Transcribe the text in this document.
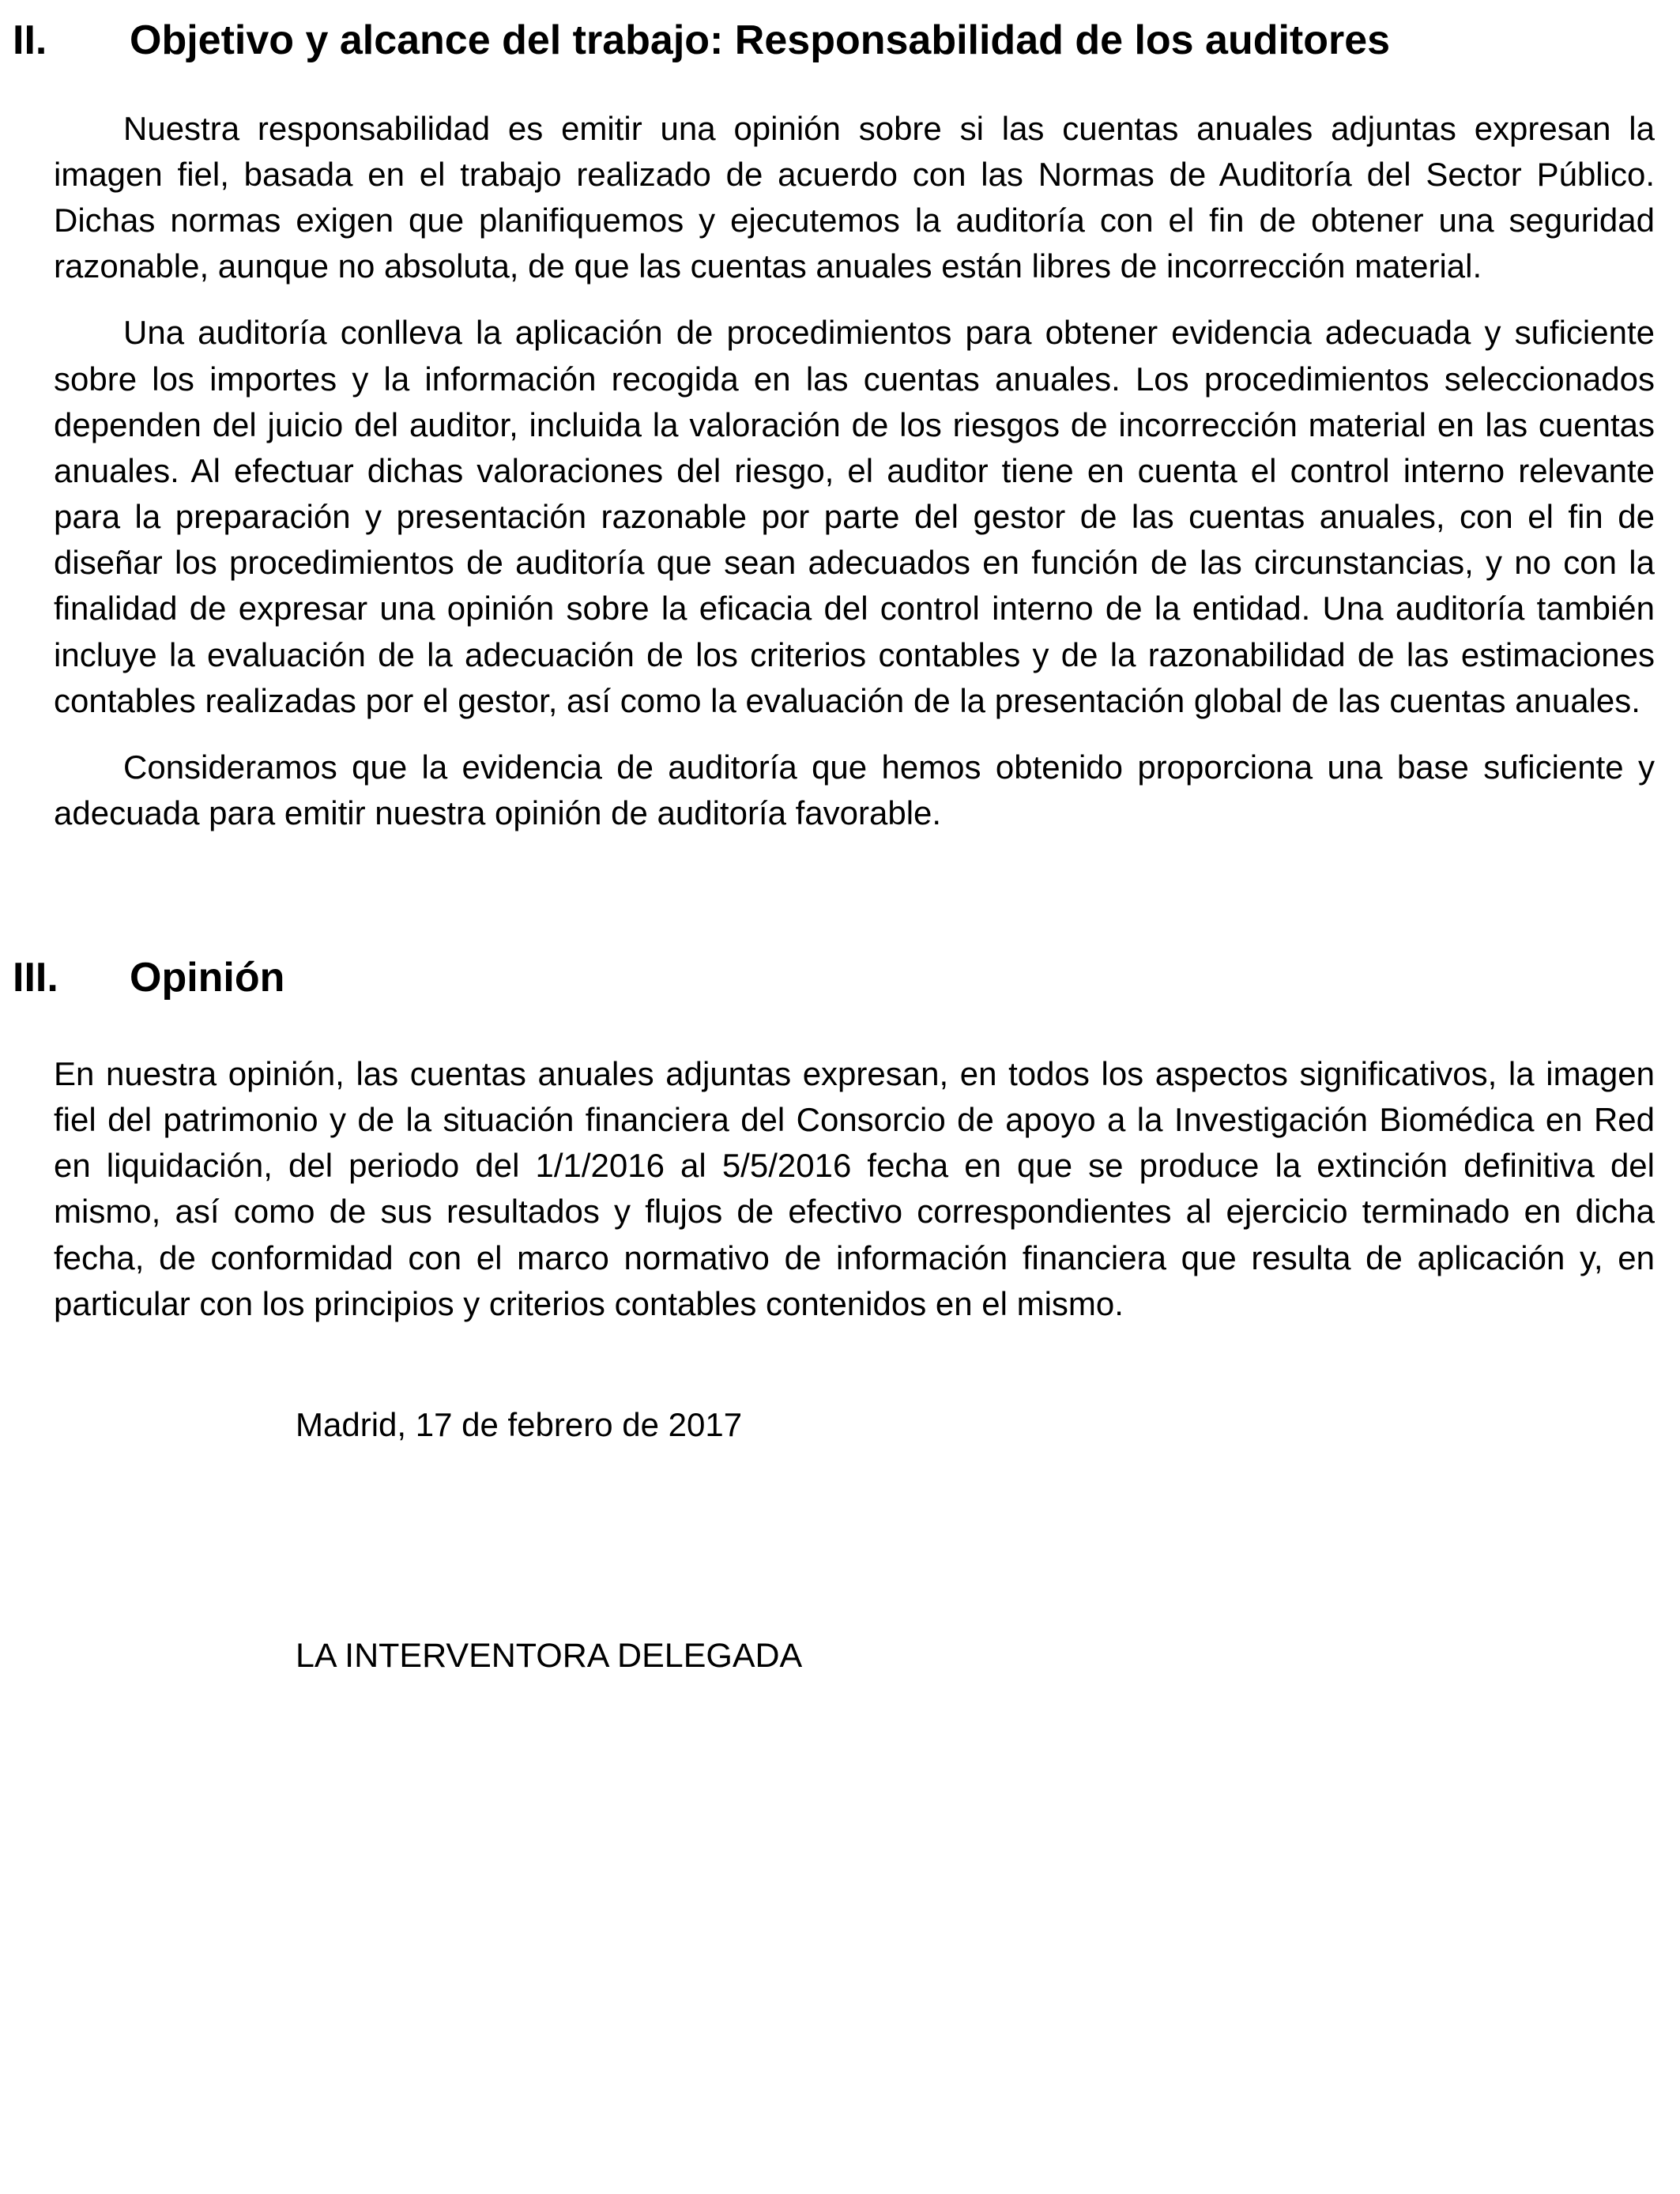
II.	Objetivo y alcance del trabajo: Responsabilidad de los auditores

Nuestra responsabilidad es emitir una opinión sobre si las cuentas anuales adjuntas expresan la imagen fiel, basada en el trabajo realizado de acuerdo con las Normas de Auditoría del Sector Público. Dichas normas exigen que planifiquemos y ejecutemos la auditoría con el fin de obtener una seguridad razonable, aunque no absoluta, de que las cuentas anuales están libres de incorrección material.

Una auditoría conlleva la aplicación de procedimientos para obtener evidencia adecuada y suficiente sobre los importes y la información recogida en las cuentas anuales. Los procedimientos seleccionados dependen del juicio del auditor, incluida la valoración de los riesgos de incorrección material en las cuentas anuales. Al efectuar dichas valoraciones del riesgo, el auditor tiene en cuenta el control interno relevante para la preparación y presentación razonable por parte del gestor de las cuentas anuales, con el fin de diseñar los procedimientos de auditoría que sean adecuados en función de las circunstancias, y no con la finalidad de expresar una opinión sobre la eficacia del control interno de la entidad. Una auditoría también incluye la evaluación de la adecuación de los criterios contables y de la razonabilidad de las estimaciones contables realizadas por el gestor, así como la evaluación de la presentación global de las cuentas anuales.

Consideramos que la evidencia de auditoría que hemos obtenido proporciona una base suficiente y adecuada para emitir nuestra opinión de auditoría favorable.

III.	Opinión

En nuestra opinión, las cuentas anuales adjuntas expresan, en todos los aspectos significativos, la imagen fiel del patrimonio y de la situación financiera del Consorcio de apoyo a la Investigación Biomédica en Red en liquidación, del periodo del 1/1/2016 al 5/5/2016 fecha en que se produce la extinción definitiva del mismo, así como de sus resultados y flujos de efectivo correspondientes al ejercicio terminado en dicha fecha, de conformidad con el marco normativo de información financiera que resulta de aplicación y, en particular con los principios y criterios contables contenidos en el mismo.

Madrid, 17 de febrero de 2017

LA INTERVENTORA DELEGADA
